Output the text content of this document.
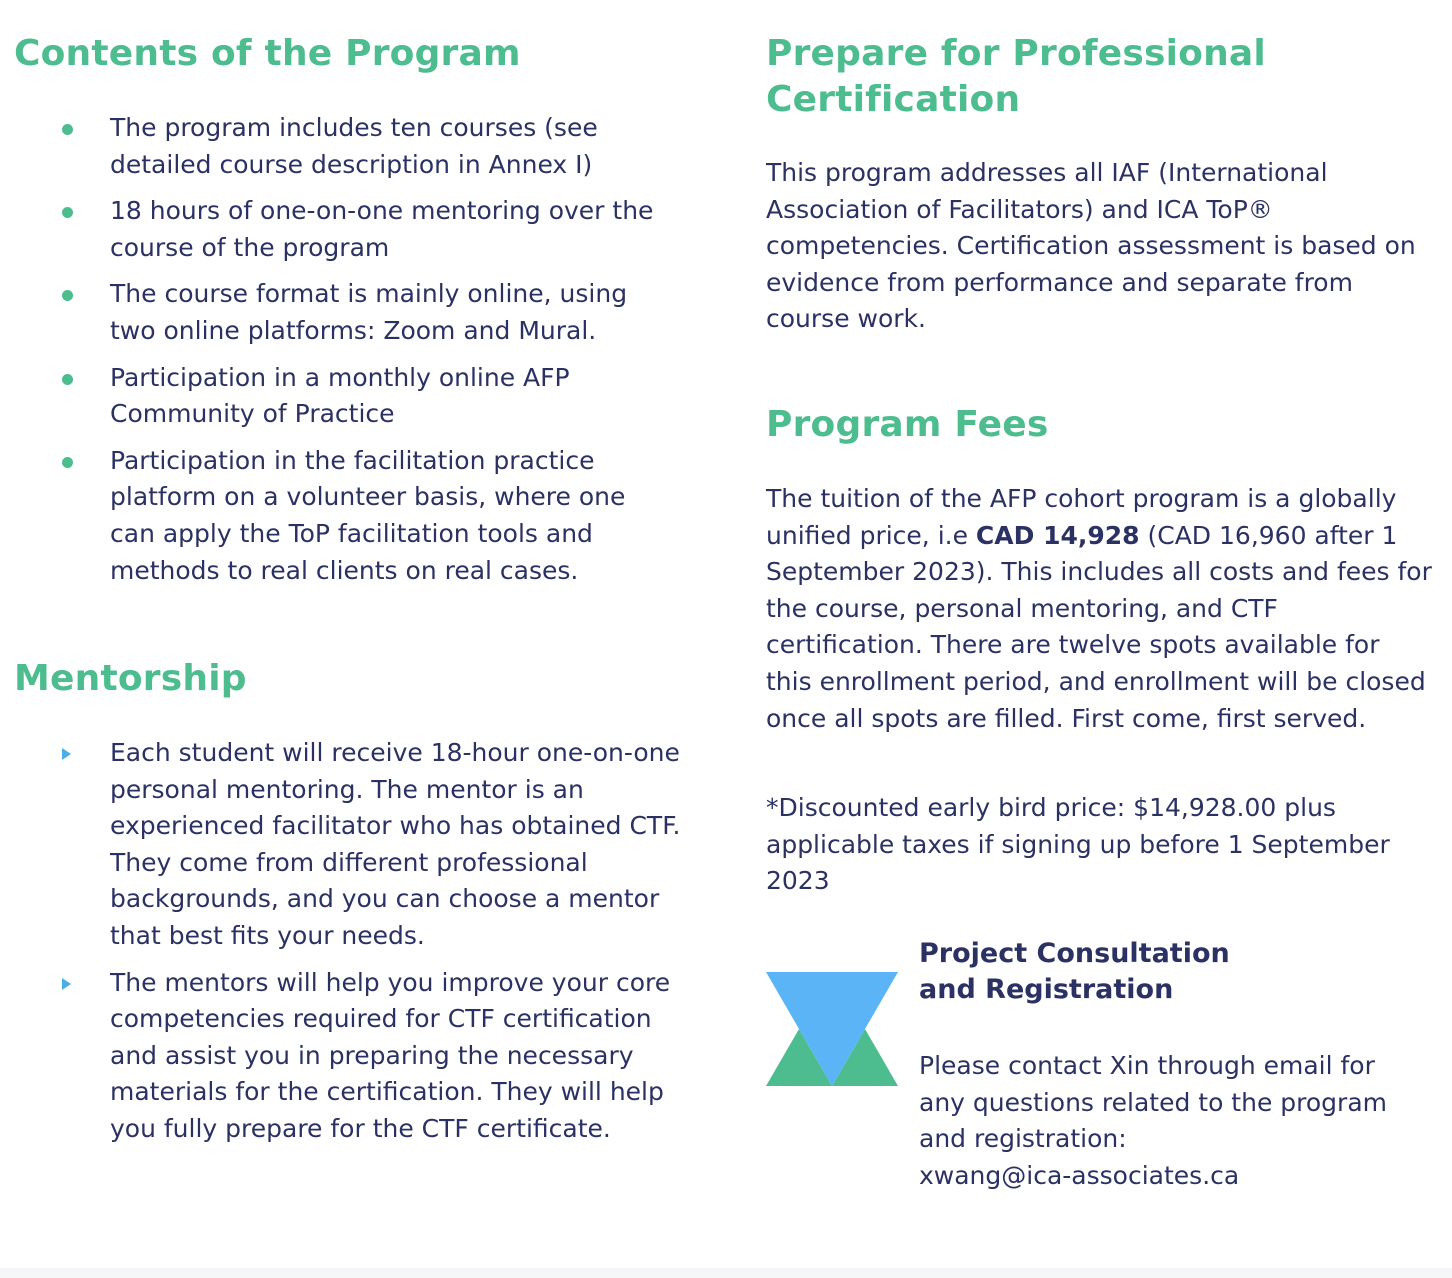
Contents of the Program
The program includes ten courses (see detailed course description in Annex I)
18 hours of one-on-one mentoring over the course of the program
The course format is mainly online, using two online platforms: Zoom and Mural.
Participation in a monthly online AFP Community of Practice
Participation in the facilitation practice platform on a volunteer basis, where one can apply the ToP facilitation tools and methods to real clients on real cases.
Mentorship
Each student will receive 18-hour one-on-one personal mentoring. The mentor is an experienced facilitator who has obtained CTF. They come from different professional backgrounds, and you can choose a mentor that best fits your needs.
The mentors will help you improve your core competencies required for CTF certification and assist you in preparing the necessary materials for the certification. They will help you fully prepare for the CTF certificate.
Prepare for Professional Certification

This program addresses all IAF (International Association of Facilitators) and ICA ToP® competencies. Certification assessment is based on evidence from performance and separate from course work.

Program Fees

The tuition of the AFP cohort program is a globally unified price, i.e CAD 14,928 (CAD 16,960 after 1 September 2023). This includes all costs and fees for the course, personal mentoring, and CTF certification. There are twelve spots available for this enrollment period, and enrollment will be closed once all spots are filled. First come, first served.

*Discounted early bird price: $14,928.00 plus applicable taxes if signing up before 1 September 2023

Project Consultation and Registration

Please contact Xin through email for any questions related to the program and registration:

xwang@ica-associates.ca
